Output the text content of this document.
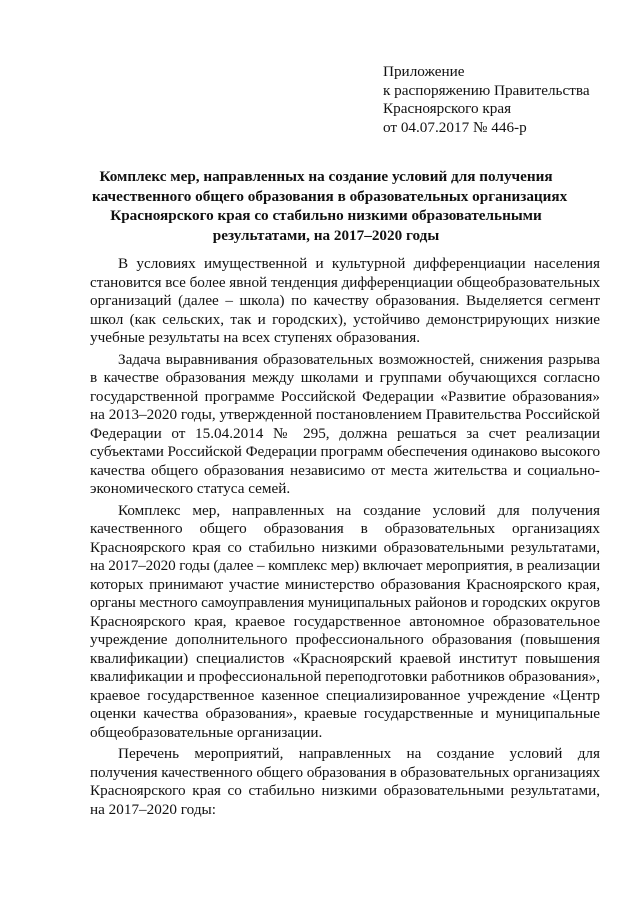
Приложение
к распоряжению Правительства
Красноярского края
от 04.07.2017 № 446-р
Комплекс мер, направленных на создание условий для получения
качественного общего образования в образовательных организациях
Красноярского края со стабильно низкими образовательными
результатами, на 2017–2020 годы
В условиях имущественной и культурной дифференциации населения
становится все более явной тенденция дифференциации общеобразовательных
организаций (далее – школа) по качеству образования. Выделяется сегмент
школ (как сельских, так и городских), устойчиво демонстрирующих низкие
учебные результаты на всех ступенях образования.
Задача выравнивания образовательных возможностей, снижения разрыва
в качестве образования между школами и группами обучающихся согласно
государственной программе Российской Федерации «Развитие образования»
на 2013–2020 годы, утвержденной постановлением Правительства Российской
Федерации от 15.04.2014 № 295, должна решаться за счет реализации
субъектами Российской Федерации программ обеспечения одинаково высокого
качества общего образования независимо от места жительства и социально-
экономического статуса семей.
Комплекс мер, направленных на создание условий для получения
качественного общего образования в образовательных организациях
Красноярского края со стабильно низкими образовательными результатами,
на 2017–2020 годы (далее – комплекс мер) включает мероприятия, в реализации
которых принимают участие министерство образования Красноярского края,
органы местного самоуправления муниципальных районов и городских округов
Красноярского края, краевое государственное автономное образовательное
учреждение дополнительного профессионального образования (повышения
квалификации) специалистов «Красноярский краевой институт повышения
квалификации и профессиональной переподготовки работников образования»,
краевое государственное казенное специализированное учреждение «Центр
оценки качества образования», краевые государственные и муниципальные
общеобразовательные организации.
Перечень мероприятий, направленных на создание условий для
получения качественного общего образования в образовательных организациях
Красноярского края со стабильно низкими образовательными результатами,
на 2017–2020 годы:
